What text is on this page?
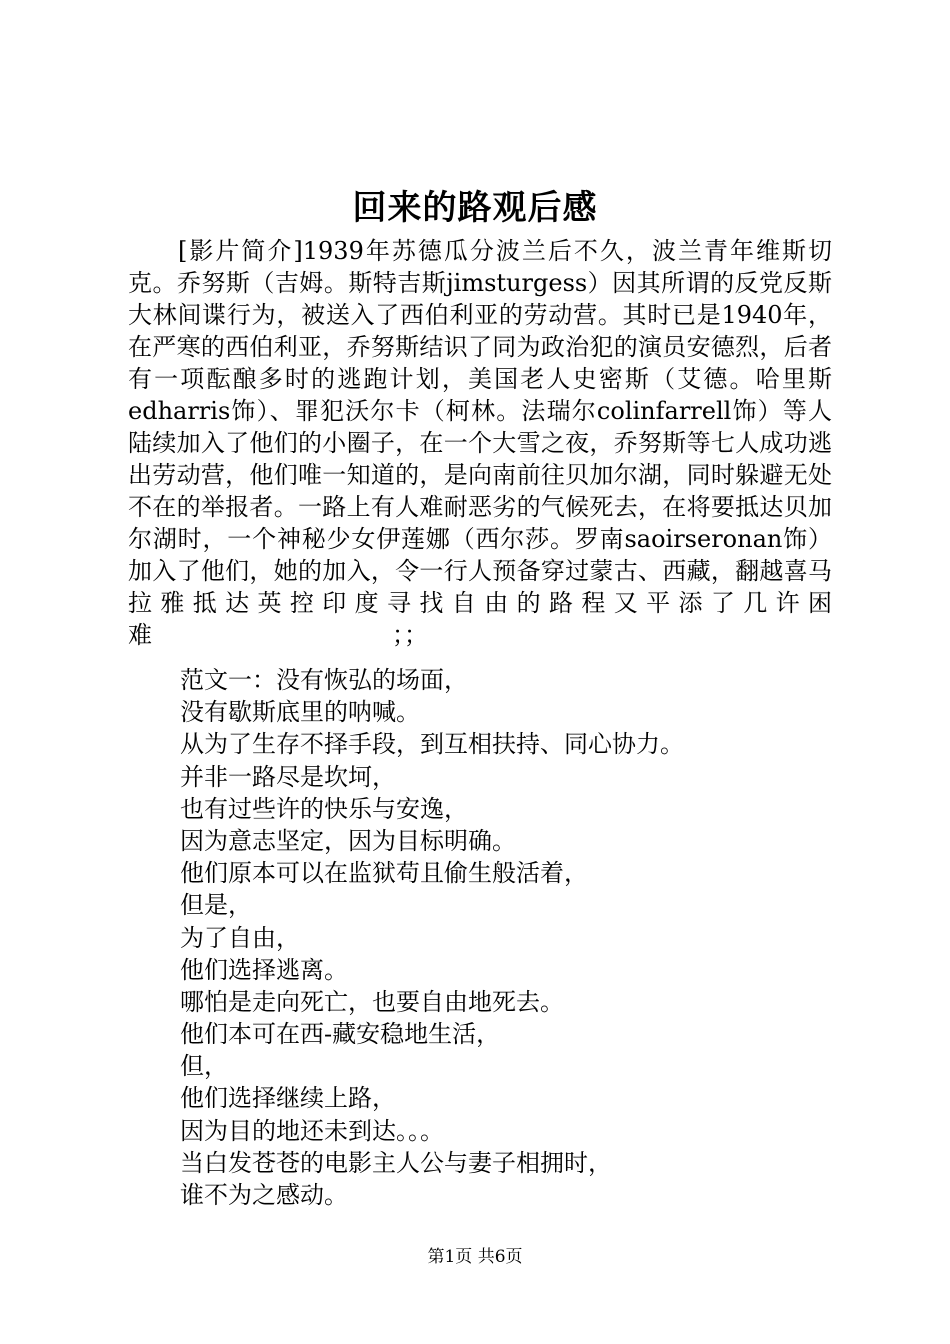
回来的路观后感

[影片简介]1939年苏德瓜分波兰后不久，波兰青年维斯切克。乔努斯（吉姆。斯特吉斯jimsturgess）因其所谓的反党反斯大林间谍行为，被送入了西伯利亚的劳动营。其时已是1940年，在严寒的西伯利亚，乔努斯结识了同为政治犯的演员安德烈，后者有一项酝酿多时的逃跑计划，美国老人史密斯（艾德。哈里斯edharris饰）、罪犯沃尔卡（柯林。法瑞尔colinfarrell饰）等人陆续加入了他们的小圈子，在一个大雪之夜，乔努斯等七人成功逃出劳动营，他们唯一知道的，是向南前往贝加尔湖，同时躲避无处不在的举报者。一路上有人难耐恶劣的气候死去，在将要抵达贝加尔湖时，一个神秘少女伊莲娜（西尔莎。罗南saoirseronan饰）加入了他们，她的加入，令一行人预备穿过蒙古、西藏，翻越喜马拉雅抵达英控印度寻找自由的路程又平添了几许困难　　　　　　　　　　；；

范文一：没有恢弘的场面，
没有歇斯底里的呐喊。
从为了生存不择手段，到互相扶持、同心协力。
并非一路尽是坎坷，
也有过些许的快乐与安逸，
因为意志坚定，因为目标明确。
他们原本可以在监狱苟且偷生般活着，
但是，
为了自由，
他们选择逃离。
哪怕是走向死亡，也要自由地死去。
他们本可在西-藏安稳地生活，
但，
他们选择继续上路，
因为目的地还未到达。。。
当白发苍苍的电影主人公与妻子相拥时，
谁不为之感动。
第1页 共6页
